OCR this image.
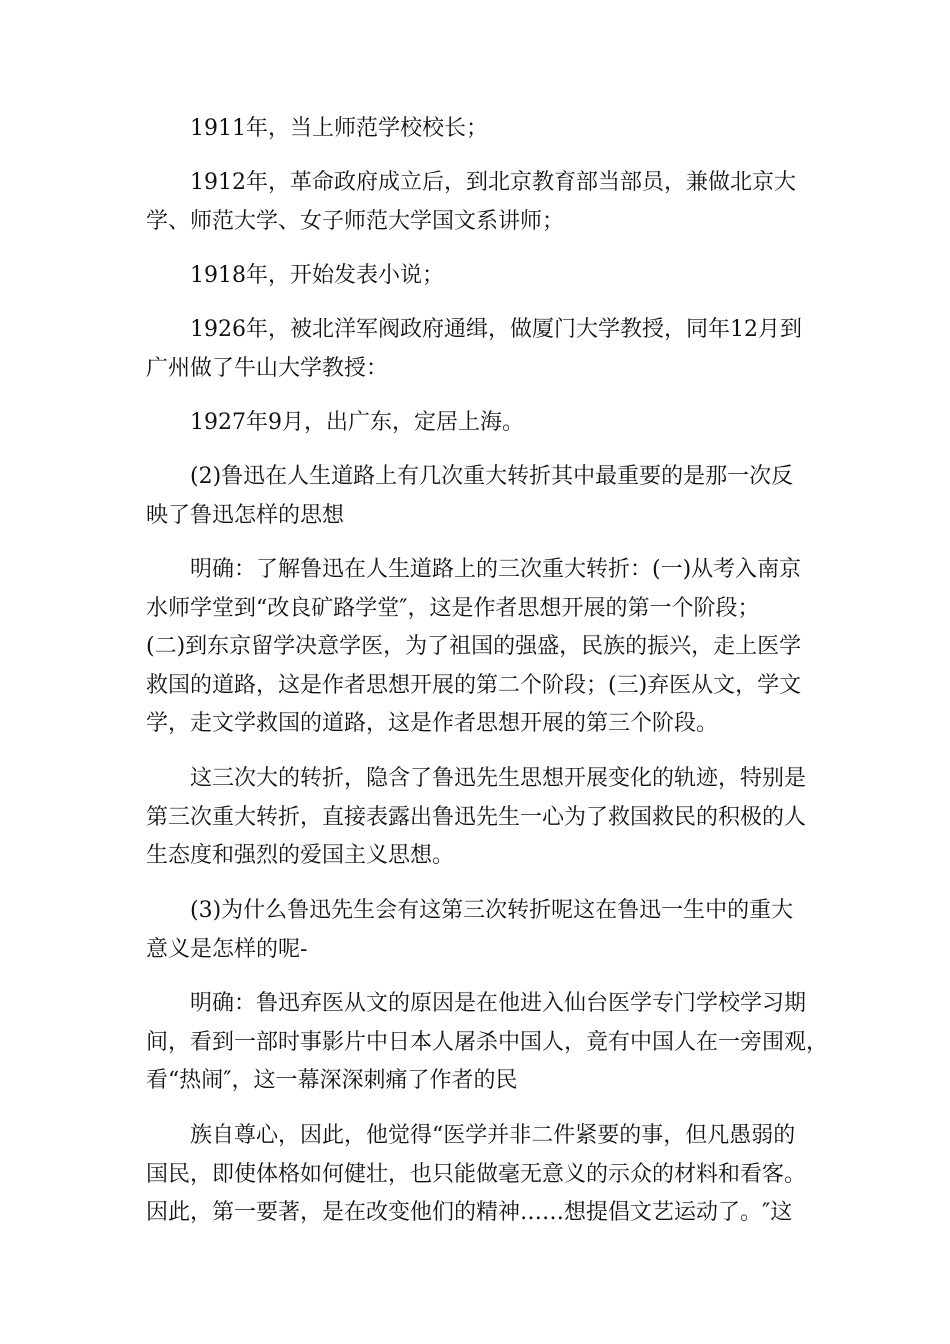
　　1911年，当上师范学校校长；
　　1912年，革命政府成立后，到北京教育部当部员，兼做北京大
学、师范大学、女子师范大学国文系讲师；
　　1918年，开始发表小说；
　　1926年，被北洋军阀政府通缉，做厦门大学教授，同年12月到
广州做了牛山大学教授：
　　1927年9月，出广东，定居上海。
　　(2)鲁迅在人生道路上有几次重大转折其中最重要的是那一次反
映了鲁迅怎样的思想
　　明确：了解鲁迅在人生道路上的三次重大转折：(一)从考入南京
水师学堂到“改良矿路学堂″，这是作者思想开展的第一个阶段；
(二)到东京留学决意学医，为了祖国的强盛，民族的振兴，走上医学
救国的道路，这是作者思想开展的第二个阶段；(三)弃医从文，学文
学，走文学救国的道路，这是作者思想开展的第三个阶段。
　　这三次大的转折，隐含了鲁迅先生思想开展变化的轨迹，特别是
第三次重大转折，直接表露出鲁迅先生一心为了救国救民的积极的人
生态度和强烈的爱国主义思想。
　　(3)为什么鲁迅先生会有这第三次转折呢这在鲁迅一生中的重大
意义是怎样的呢-
　　明确：鲁迅弃医从文的原因是在他进入仙台医学专门学校学习期
间，看到一部时事影片中日本人屠杀中国人，竟有中国人在一旁围观，
看“热闹″，这一幕深深刺痛了作者的民
　　族自尊心，因此，他觉得“医学并非二件紧要的事，但凡愚弱的
国民，即使体格如何健壮，也只能做毫无意义的示众的材料和看客。
因此，第一要著，是在改变他们的精神……想提倡文艺运动了。″这
